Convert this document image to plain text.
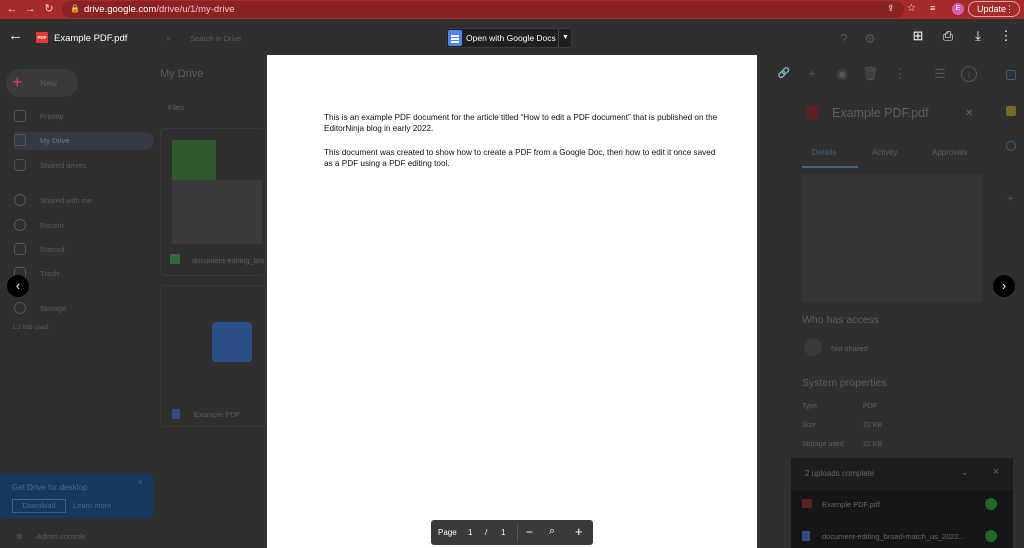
← → ↻ 🔒 drive.google.com/drive/u/1/my-drive	⇪ ☆ ≡	E	Update
⋮
+ New
My Drive
Files
Priority
My Drive
Shared drives
Shared with me
Recent
Starred
Trash
Storage
1.2 MB used
document-editing_bro
Example PDF
Get Drive for desktop
×
Download	Learn more
⚙ Admin console
Search in Drive
⌕
←	PDF Example PDF.pdf	Open with Google Docs ▼	⊞ ⎙	⤓	⋮
?	⚙
🔗	+	◉ 🗑 ⋮ ☰	i
This is an example PDF document for the article titled “How to edit a PDF document” that is published on the EditorNinja blog in early 2022.
This document was created to show how to create a PDF from a Google Doc, then how to edit it once saved as a PDF using a PDF editing tool.
‹	›
Page 1 / 1 − ⌕ +
Example PDF.pdf	×
Details	Activity	Approvals
Who has access
Not shared
System properties
Type	PDF
Size	22 KB
Storage used	22 KB
2 uploads complete	⌄ ×
Example PDF.pdf
document-editing_broad-match_us_2022...
+
